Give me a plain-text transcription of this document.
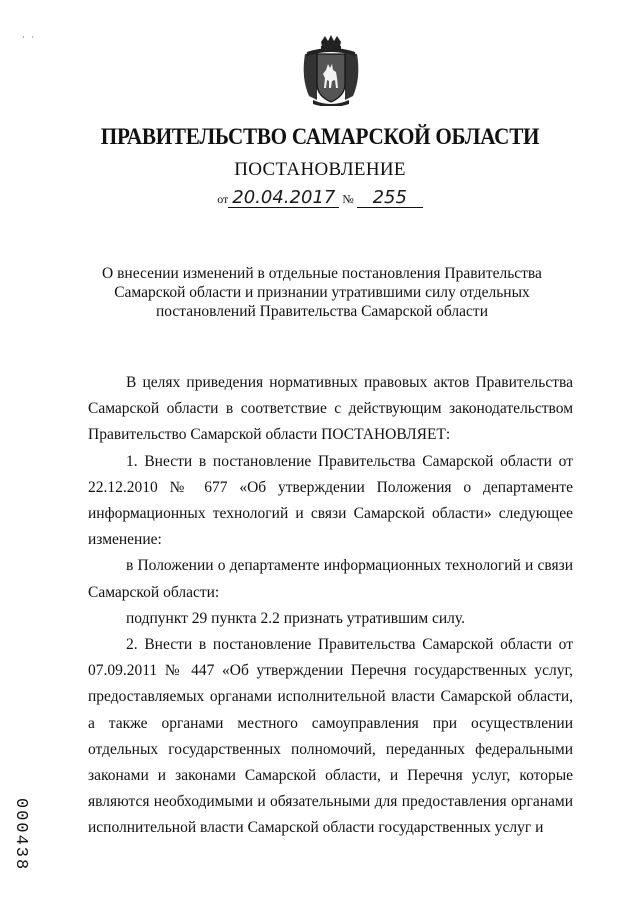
· ·
ПРАВИТЕЛЬСТВО САМАРСКОЙ ОБЛАСТИ
ПОСТАНОВЛЕНИЕ
от 20.04.2017 № 255
О внесении изменений в отдельные постановления Правительства Самарской области и признании утратившими силу отдельных постановлений Правительства Самарской области

В целях приведения нормативных правовых актов Правительства Самарской области в соответствие с действующим законодательством Правительство Самарской области ПОСТАНОВЛЯЕТ:

1. Внести в постановление Правительства Самарской области от 22.12.2010 № 677 «Об утверждении Положения о департаменте информационных технологий и связи Самарской области» следующее изменение:

в Положении о департаменте информационных технологий и связи Самарской области:

подпункт 29 пункта 2.2 признать утратившим силу.

2. Внести в постановление Правительства Самарской области от 07.09.2011 № 447 «Об утверждении Перечня государственных услуг, предоставляемых органами исполнительной власти Самарской области, а также органами местного самоуправления при осуществлении отдельных государственных полномочий, переданных федеральными законами и законами Самарской области, и Перечня услуг, которые являются необходимыми и обязательными для предоставления органами исполнительной власти Самарской области государственных услуг и

000438
